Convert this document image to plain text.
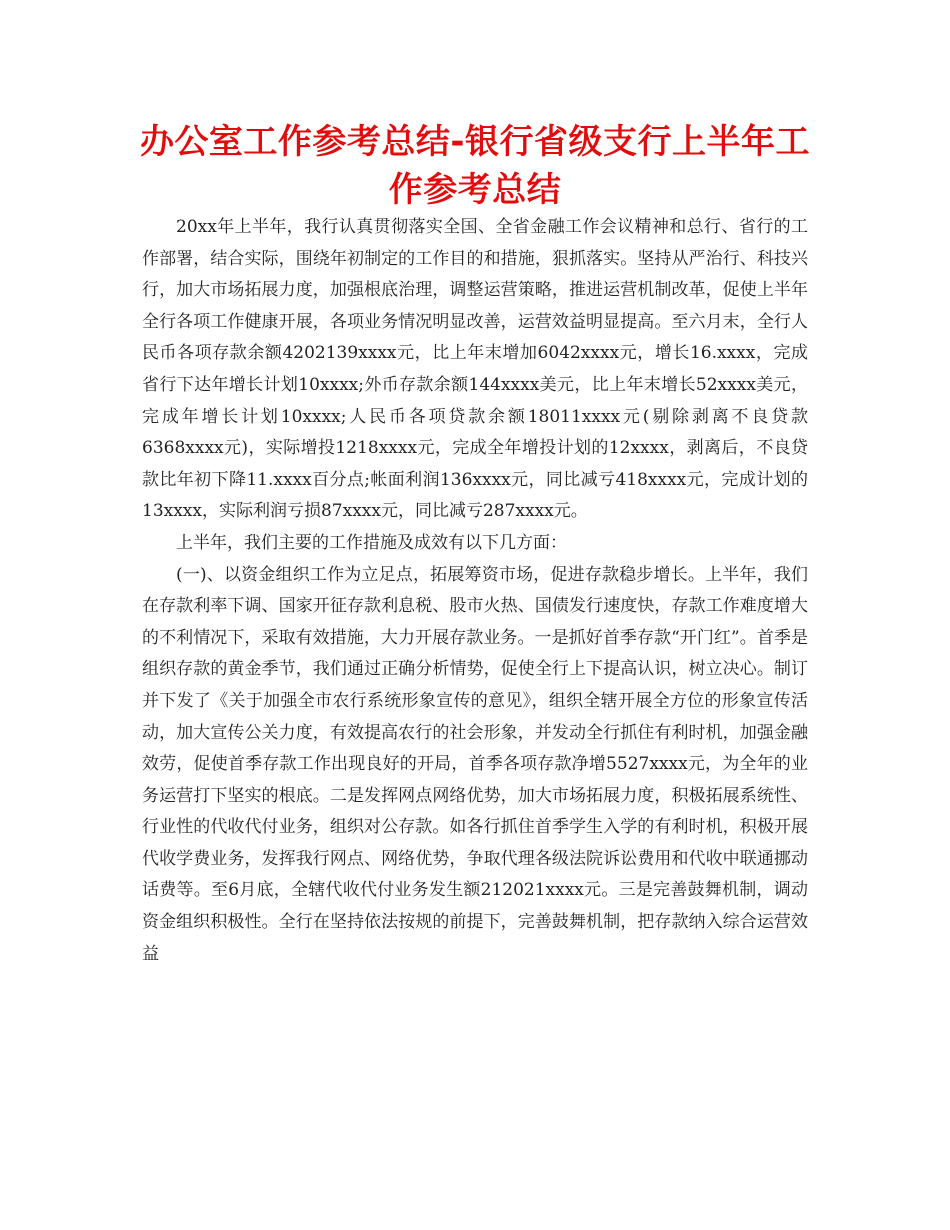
办公室工作参考总结-银行省级支行上半年工作参考总结

20xx年上半年，我行认真贯彻落实全国、全省金融工作会议精神和总行、省行的工作部署，结合实际，围绕年初制定的工作目的和措施，狠抓落实。坚持从严治行、科技兴行，加大市场拓展力度，加强根底治理，调整运营策略，推进运营机制改革，促使上半年全行各项工作健康开展，各项业务情况明显改善，运营效益明显提高。至六月末，全行人民币各项存款余额4202139xxxx元，比上年末增加6042xxxx元，增长16.xxxx，完成省行下达年增长计划10xxxx;外币存款余额144xxxx美元，比上年末增长52xxxx美元，完成年增长计划10xxxx;人民币各项贷款余额18011xxxx元(剔除剥离不良贷款6368xxxx元)，实际增投1218xxxx元，完成全年增投计划的12xxxx，剥离后，不良贷款比年初下降11.xxxx百分点;帐面利润136xxxx元，同比减亏418xxxx元，完成计划的13xxxx，实际利润亏损87xxxx元，同比减亏287xxxx元。

上半年，我们主要的工作措施及成效有以下几方面：

(一)、以资金组织工作为立足点，拓展筹资市场，促进存款稳步增长。上半年，我们在存款利率下调、国家开征存款利息税、股市火热、国债发行速度快，存款工作难度增大的不利情况下，采取有效措施，大力开展存款业务。一是抓好首季存款“开门红”。首季是组织存款的黄金季节，我们通过正确分析情势，促使全行上下提高认识，树立决心。制订并下发了《关于加强全市农行系统形象宣传的意见》，组织全辖开展全方位的形象宣传活动，加大宣传公关力度，有效提高农行的社会形象，并发动全行抓住有利时机，加强金融效劳，促使首季存款工作出现良好的开局，首季各项存款净增5527xxxx元，为全年的业务运营打下坚实的根底。二是发挥网点网络优势，加大市场拓展力度，积极拓展系统性、行业性的代收代付业务，组织对公存款。如各行抓住首季学生入学的有利时机，积极开展代收学费业务，发挥我行网点、网络优势，争取代理各级法院诉讼费用和代收中联通挪动话费等。至6月底，全辖代收代付业务发生额212021xxxx元。三是完善鼓舞机制，调动资金组织积极性。全行在坚持依法按规的前提下，完善鼓舞机制，把存款纳入综合运营效益
